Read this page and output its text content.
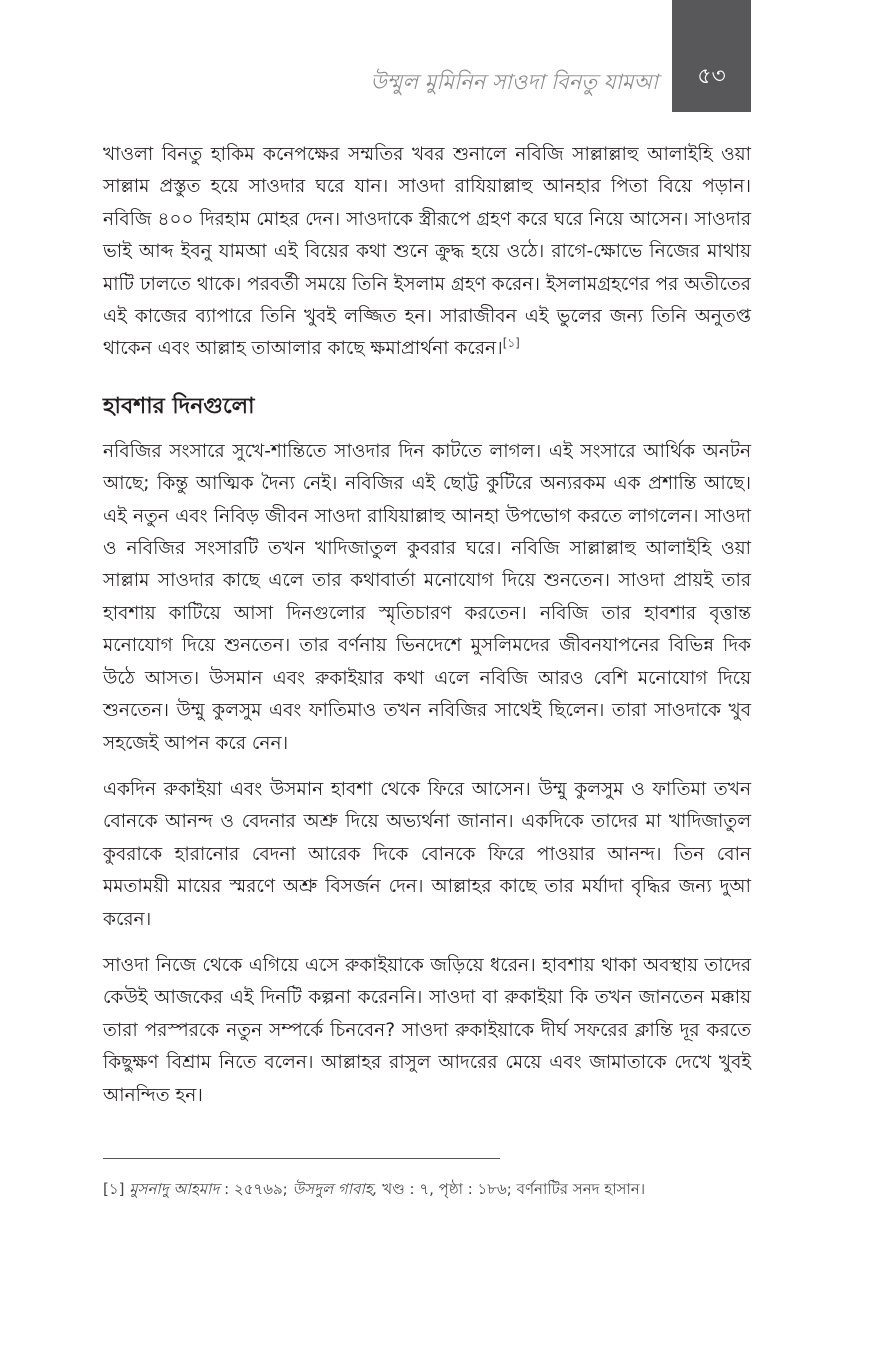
উম্মুল মুমিনিন সাওদা বিনতু যামআ	৫৩

খাওলা বিনতু হাকিম কনেপক্ষের সম্মতির খবর শুনালে নবিজি সাল্লাল্লাহু আলাইহি ওয়া সাল্লাম প্রস্তুত হয়ে সাওদার ঘরে যান। সাওদা রাযিয়াল্লাহু আনহার পিতা বিয়ে পড়ান। নবিজি ৪০০ দিরহাম মোহর দেন। সাওদাকে স্ত্রীরূপে গ্রহণ করে ঘরে নিয়ে আসেন। সাওদার ভাই আব্দ ইবনু যামআ এই বিয়ের কথা শুনে ক্রুদ্ধ হয়ে ওঠে। রাগে-ক্ষোভে নিজের মাথায় মাটি ঢালতে থাকে। পরবর্তী সময়ে তিনি ইসলাম গ্রহণ করেন। ইসলামগ্রহণের পর অতীতের এই কাজের ব্যাপারে তিনি খুবই লজ্জিত হন। সারাজীবন এই ভুলের জন্য তিনি অনুতপ্ত থাকেন এবং আল্লাহ তাআলার কাছে ক্ষমাপ্রার্থনা করেন।[১]

হাবশার দিনগুলো

নবিজির সংসারে সুখে-শান্তিতে সাওদার দিন কাটতে লাগল। এই সংসারে আর্থিক অনটন আছে; কিন্তু আত্মিক দৈন্য নেই। নবিজির এই ছোট্ট কুটিরে অন্যরকম এক প্রশান্তি আছে। এই নতুন এবং নিবিড় জীবন সাওদা রাযিয়াল্লাহু আনহা উপভোগ করতে লাগলেন। সাওদা ও নবিজির সংসারটি তখন খাদিজাতুল কুবরার ঘরে। নবিজি সাল্লাল্লাহু আলাইহি ওয়া সাল্লাম সাওদার কাছে এলে তার কথাবার্তা মনোযোগ দিয়ে শুনতেন। সাওদা প্রায়ই তার হাবশায় কাটিয়ে আসা দিনগুলোর স্মৃতিচারণ করতেন। নবিজি তার হাবশার বৃত্তান্ত মনোযোগ দিয়ে শুনতেন। তার বর্ণনায় ভিনদেশে মুসলিমদের জীবনযাপনের বিভিন্ন দিক উঠে আসত। উসমান এবং রুকাইয়ার কথা এলে নবিজি আরও বেশি মনোযোগ দিয়ে শুনতেন। উম্মু কুলসুম এবং ফাতিমাও তখন নবিজির সাথেই ছিলেন। তারা সাওদাকে খুব সহজেই আপন করে নেন।

একদিন রুকাইয়া এবং উসমান হাবশা থেকে ফিরে আসেন। উম্মু কুলসুম ও ফাতিমা তখন বোনকে আনন্দ ও বেদনার অশ্রু দিয়ে অভ্যর্থনা জানান। একদিকে তাদের মা খাদিজাতুল কুবরাকে হারানোর বেদনা আরেক দিকে বোনকে ফিরে পাওয়ার আনন্দ। তিন বোন মমতাময়ী মায়ের স্মরণে অশ্রু বিসর্জন দেন। আল্লাহর কাছে তার মর্যাদা বৃদ্ধির জন্য দুআ করেন।

সাওদা নিজে থেকে এগিয়ে এসে রুকাইয়াকে জড়িয়ে ধরেন। হাবশায় থাকা অবস্থায় তাদের কেউই আজকের এই দিনটি কল্পনা করেননি। সাওদা বা রুকাইয়া কি তখন জানতেন মক্কায় তারা পরস্পরকে নতুন সম্পর্কে চিনবেন? সাওদা রুকাইয়াকে দীর্ঘ সফরের ক্লান্তি দূর করতে কিছুক্ষণ বিশ্রাম নিতে বলেন। আল্লাহর রাসুল আদরের মেয়ে এবং জামাতাকে দেখে খুবই আনন্দিত হন।

[১] মুসনাদু আহমাদ : ২৫৭৬৯; উসদুল গাবাহ, খণ্ড : ৭, পৃষ্ঠা : ১৮৬; বর্ণনাটির সনদ হাসান।
